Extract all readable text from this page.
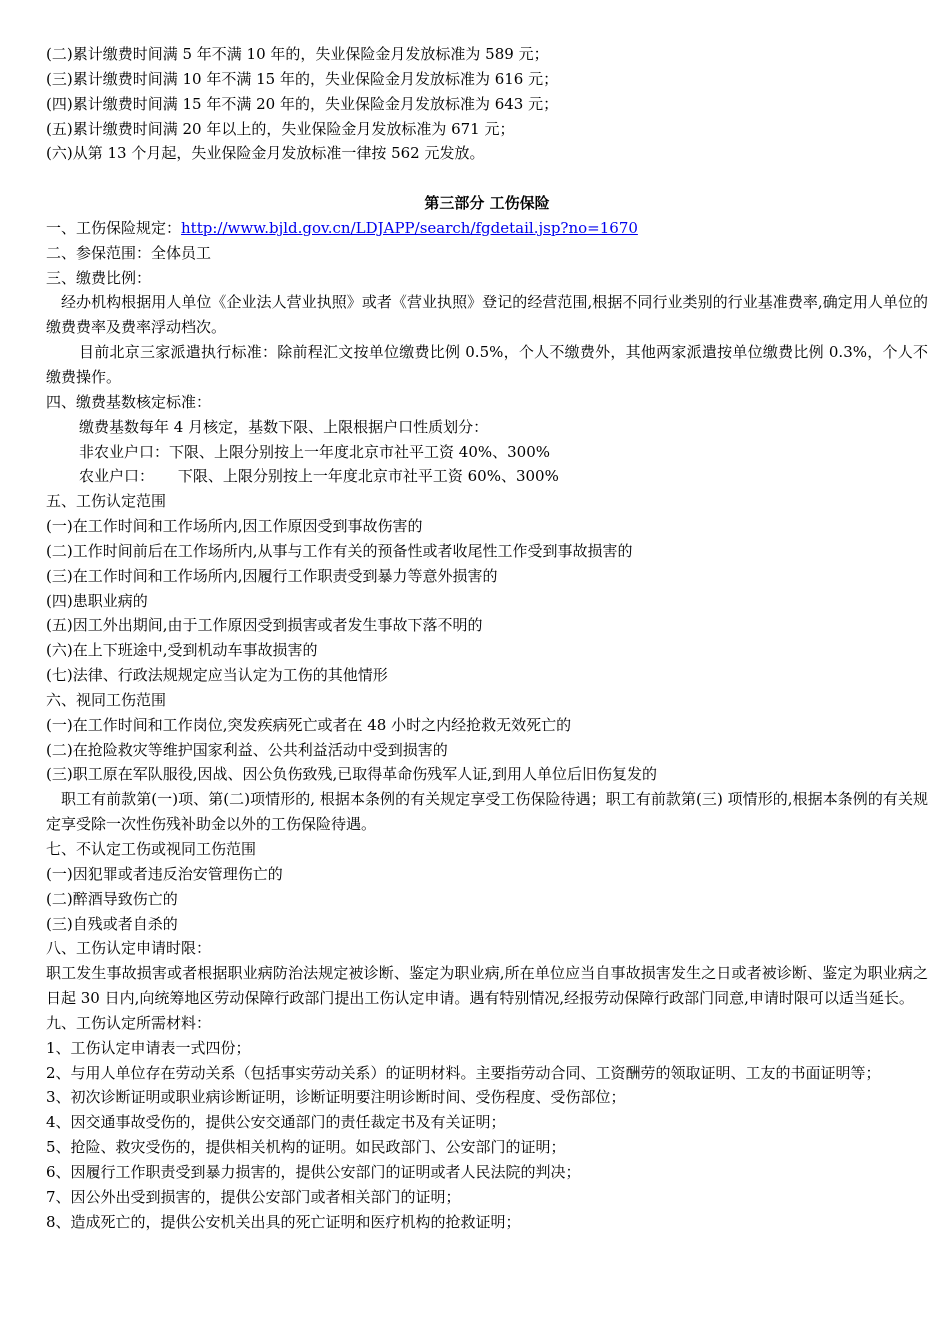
(二)累计缴费时间满 5 年不满 10 年的，失业保险金月发放标准为 589 元；
(三)累计缴费时间满 10 年不满 15 年的，失业保险金月发放标准为 616 元；
(四)累计缴费时间满 15 年不满 20 年的，失业保险金月发放标准为 643 元；
(五)累计缴费时间满 20 年以上的，失业保险金月发放标准为 671 元；
(六)从第 13 个月起，失业保险金月发放标准一律按 562 元发放。
第三部分 工伤保险
一、工伤保险规定：http://www.bjld.gov.cn/LDJAPP/search/fgdetail.jsp?no=1670
二、参保范围：全体员工
三、缴费比例：
经办机构根据用人单位《企业法人营业执照》或者《营业执照》登记的经营范围,根据不同行业类别的行业基准费率,确定用人单位的缴费费率及费率浮动档次。
目前北京三家派遣执行标准：除前程汇文按单位缴费比例 0.5%，个人不缴费外，其他两家派遣按单位缴费比例 0.3%，个人不缴费操作。
四、缴费基数核定标准：
缴费基数每年 4 月核定，基数下限、上限根据户口性质划分：
非农业户口：下限、上限分别按上一年度北京市社平工资 40%、300%
农业户口：     下限、上限分别按上一年度北京市社平工资 60%、300%
五、工伤认定范围
(一)在工作时间和工作场所内,因工作原因受到事故伤害的
(二)工作时间前后在工作场所内,从事与工作有关的预备性或者收尾性工作受到事故损害的
(三)在工作时间和工作场所内,因履行工作职责受到暴力等意外损害的
(四)患职业病的
(五)因工外出期间,由于工作原因受到损害或者发生事故下落不明的
(六)在上下班途中,受到机动车事故损害的
(七)法律、行政法规规定应当认定为工伤的其他情形
六、视同工伤范围
(一)在工作时间和工作岗位,突发疾病死亡或者在 48 小时之内经抢救无效死亡的
(二)在抢险救灾等维护国家利益、公共利益活动中受到损害的
(三)职工原在军队服役,因战、因公负伤致残,已取得革命伤残军人证,到用人单位后旧伤复发的
职工有前款第(一)项、第(二)项情形的, 根据本条例的有关规定享受工伤保险待遇；职工有前款第(三) 项情形的,根据本条例的有关规定享受除一次性伤残补助金以外的工伤保险待遇。
七、不认定工伤或视同工伤范围
(一)因犯罪或者违反治安管理伤亡的
(二)醉酒导致伤亡的
(三)自残或者自杀的
八、工伤认定申请时限：
职工发生事故损害或者根据职业病防治法规定被诊断、鉴定为职业病,所在单位应当自事故损害发生之日或者被诊断、鉴定为职业病之日起 30 日内,向统筹地区劳动保障行政部门提出工伤认定申请。遇有特别情况,经报劳动保障行政部门同意,申请时限可以适当延长。
九、工伤认定所需材料：
1、工伤认定申请表一式四份；
2、与用人单位存在劳动关系（包括事实劳动关系）的证明材料。主要指劳动合同、工资酬劳的领取证明、工友的书面证明等；
3、初次诊断证明或职业病诊断证明，诊断证明要注明诊断时间、受伤程度、受伤部位；
4、因交通事故受伤的，提供公安交通部门的责任裁定书及有关证明；
5、抢险、救灾受伤的，提供相关机构的证明。如民政部门、公安部门的证明；
6、因履行工作职责受到暴力损害的，提供公安部门的证明或者人民法院的判决；
7、因公外出受到损害的，提供公安部门或者相关部门的证明；
8、造成死亡的，提供公安机关出具的死亡证明和医疗机构的抢救证明；
